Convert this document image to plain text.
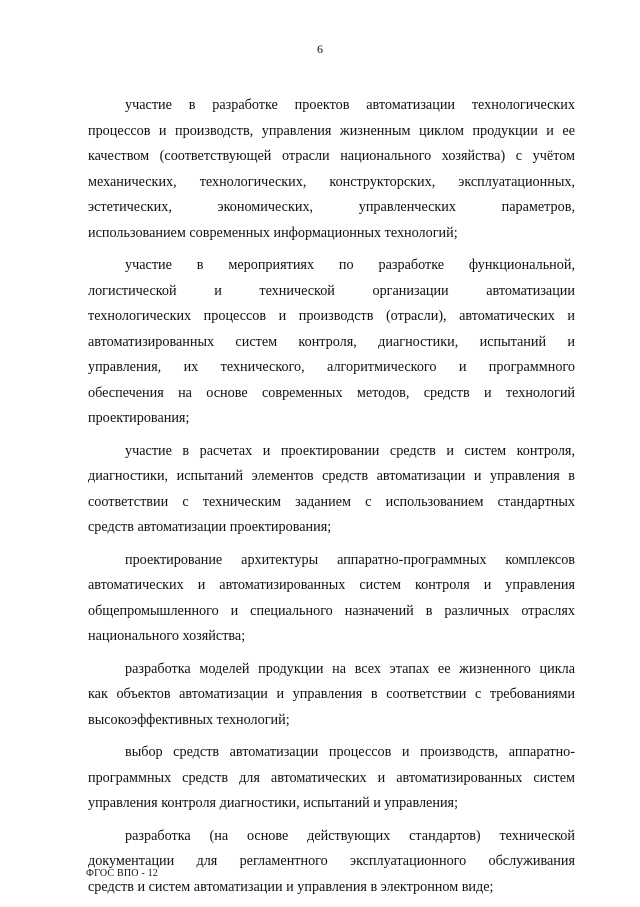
6
участие в разработке проектов автоматизации технологических
процессов и производств, управления жизненным циклом продукции и ее
качеством (соответствующей отрасли национального хозяйства) с учётом
механических, технологических, конструкторских, эксплуатационных,
эстетических, экономических, управленческих параметров,
использованием современных информационных технологий;
участие в мероприятиях по разработке функциональной,
логистической и технической организации автоматизации
технологических процессов и производств (отрасли), автоматических и
автоматизированных систем контроля, диагностики, испытаний и
управления, их технического, алгоритмического и программного
обеспечения на основе современных методов, средств и технологий
проектирования;
участие в расчетах и проектировании средств и систем контроля,
диагностики, испытаний элементов средств автоматизации и управления в
соответствии с техническим заданием с использованием стандартных
средств автоматизации проектирования;
проектирование архитектуры аппаратно-программных комплексов
автоматических и автоматизированных систем контроля и управления
общепромышленного и специального назначений в различных отраслях
национального хозяйства;
разработка моделей продукции на всех этапах ее жизненного цикла
как объектов автоматизации и управления в соответствии с требованиями
высокоэффективных технологий;
выбор средств автоматизации процессов и производств, аппаратно-
программных средств для автоматических и автоматизированных систем
управления контроля диагностики, испытаний и управления;
разработка (на основе действующих стандартов) технической
документации для регламентного эксплуатационного обслуживания
средств и систем автоматизации и управления в электронном виде;
ФГОС ВПО - 12
